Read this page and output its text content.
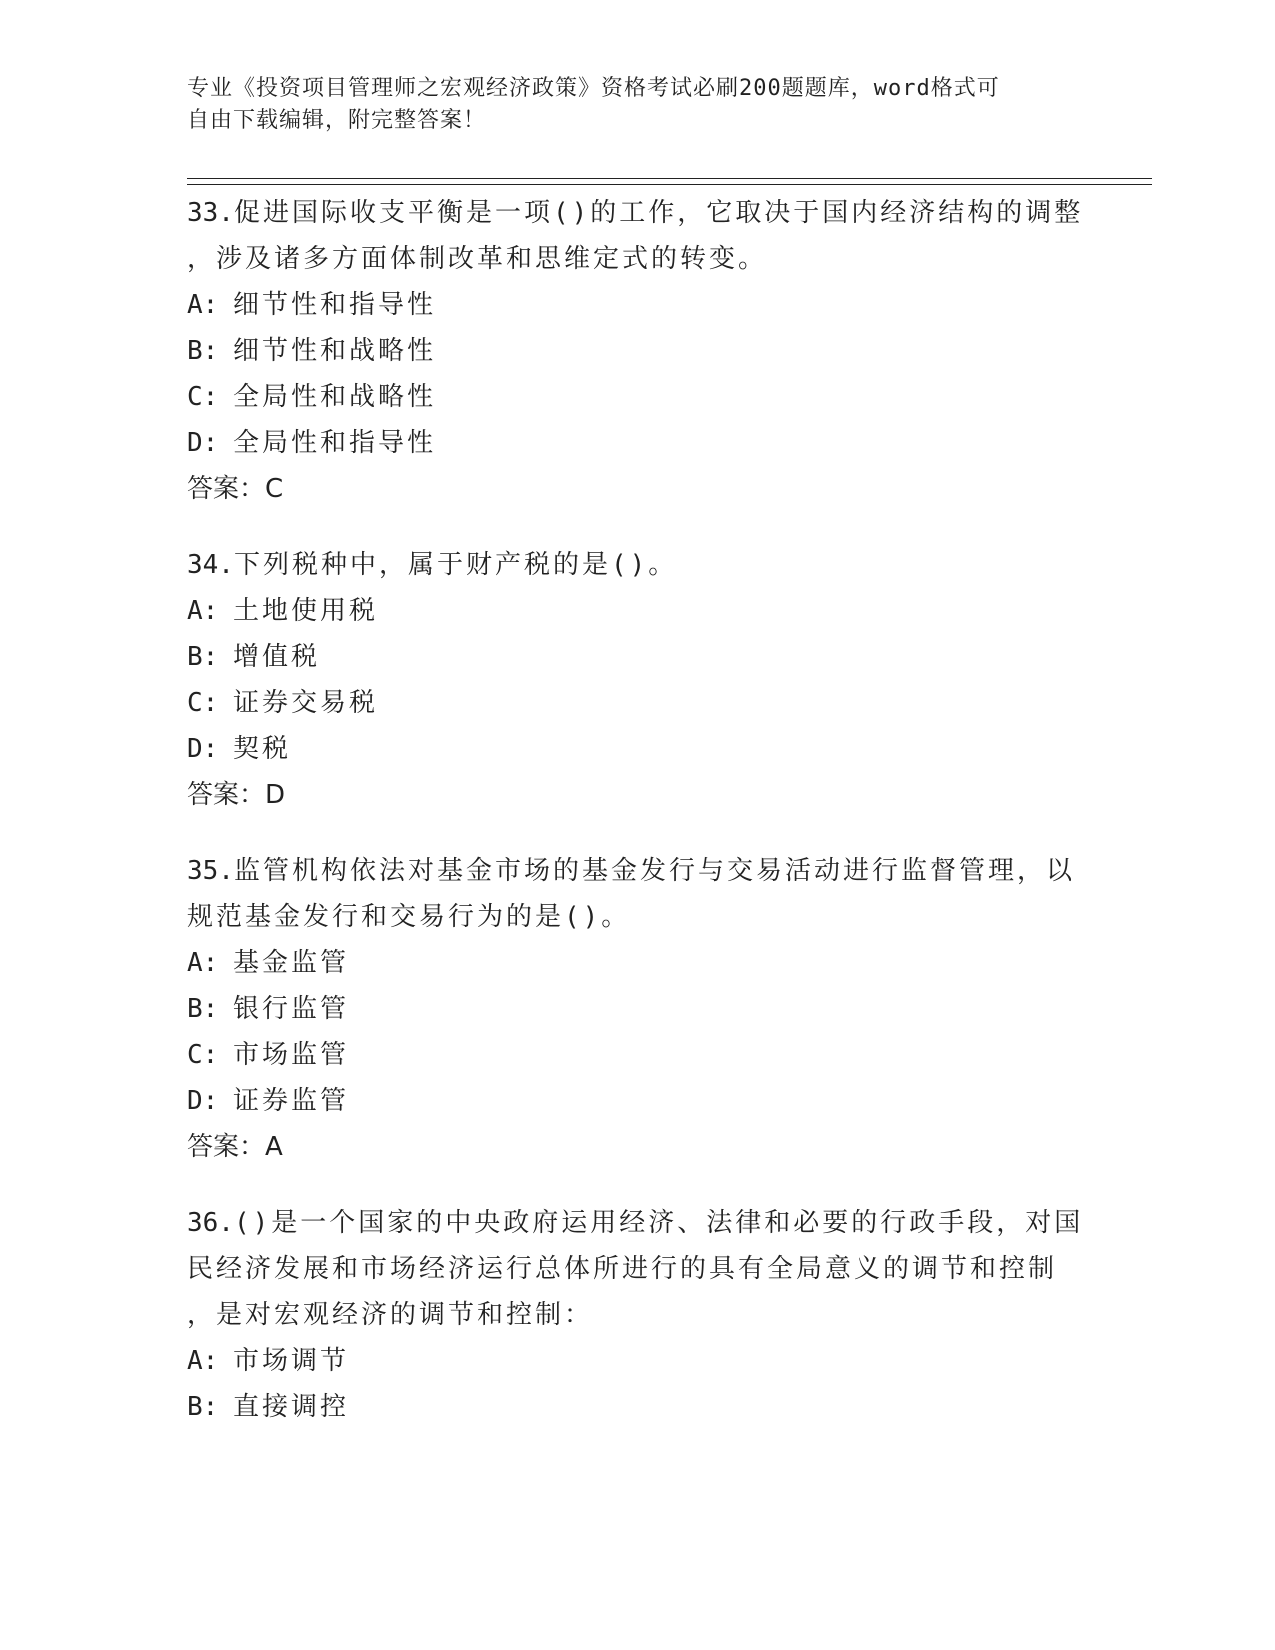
专业《投资项目管理师之宏观经济政策》资格考试必刷200题题库，word格式可
自由下载编辑，附完整答案！
33.促进国际收支平衡是一项()的工作，它取决于国内经济结构的调整
，涉及诸多方面体制改革和思维定式的转变。
A: 细节性和指导性
B: 细节性和战略性
C: 全局性和战略性
D: 全局性和指导性
答案：C
34.下列税种中，属于财产税的是()。
A: 土地使用税
B: 增值税
C: 证券交易税
D: 契税
答案：D
35.监管机构依法对基金市场的基金发行与交易活动进行监督管理，以
规范基金发行和交易行为的是()。
A: 基金监管
B: 银行监管
C: 市场监管
D: 证券监管
答案：A
36.()是一个国家的中央政府运用经济、法律和必要的行政手段，对国
民经济发展和市场经济运行总体所进行的具有全局意义的调节和控制
，是对宏观经济的调节和控制：
A: 市场调节
B: 直接调控
